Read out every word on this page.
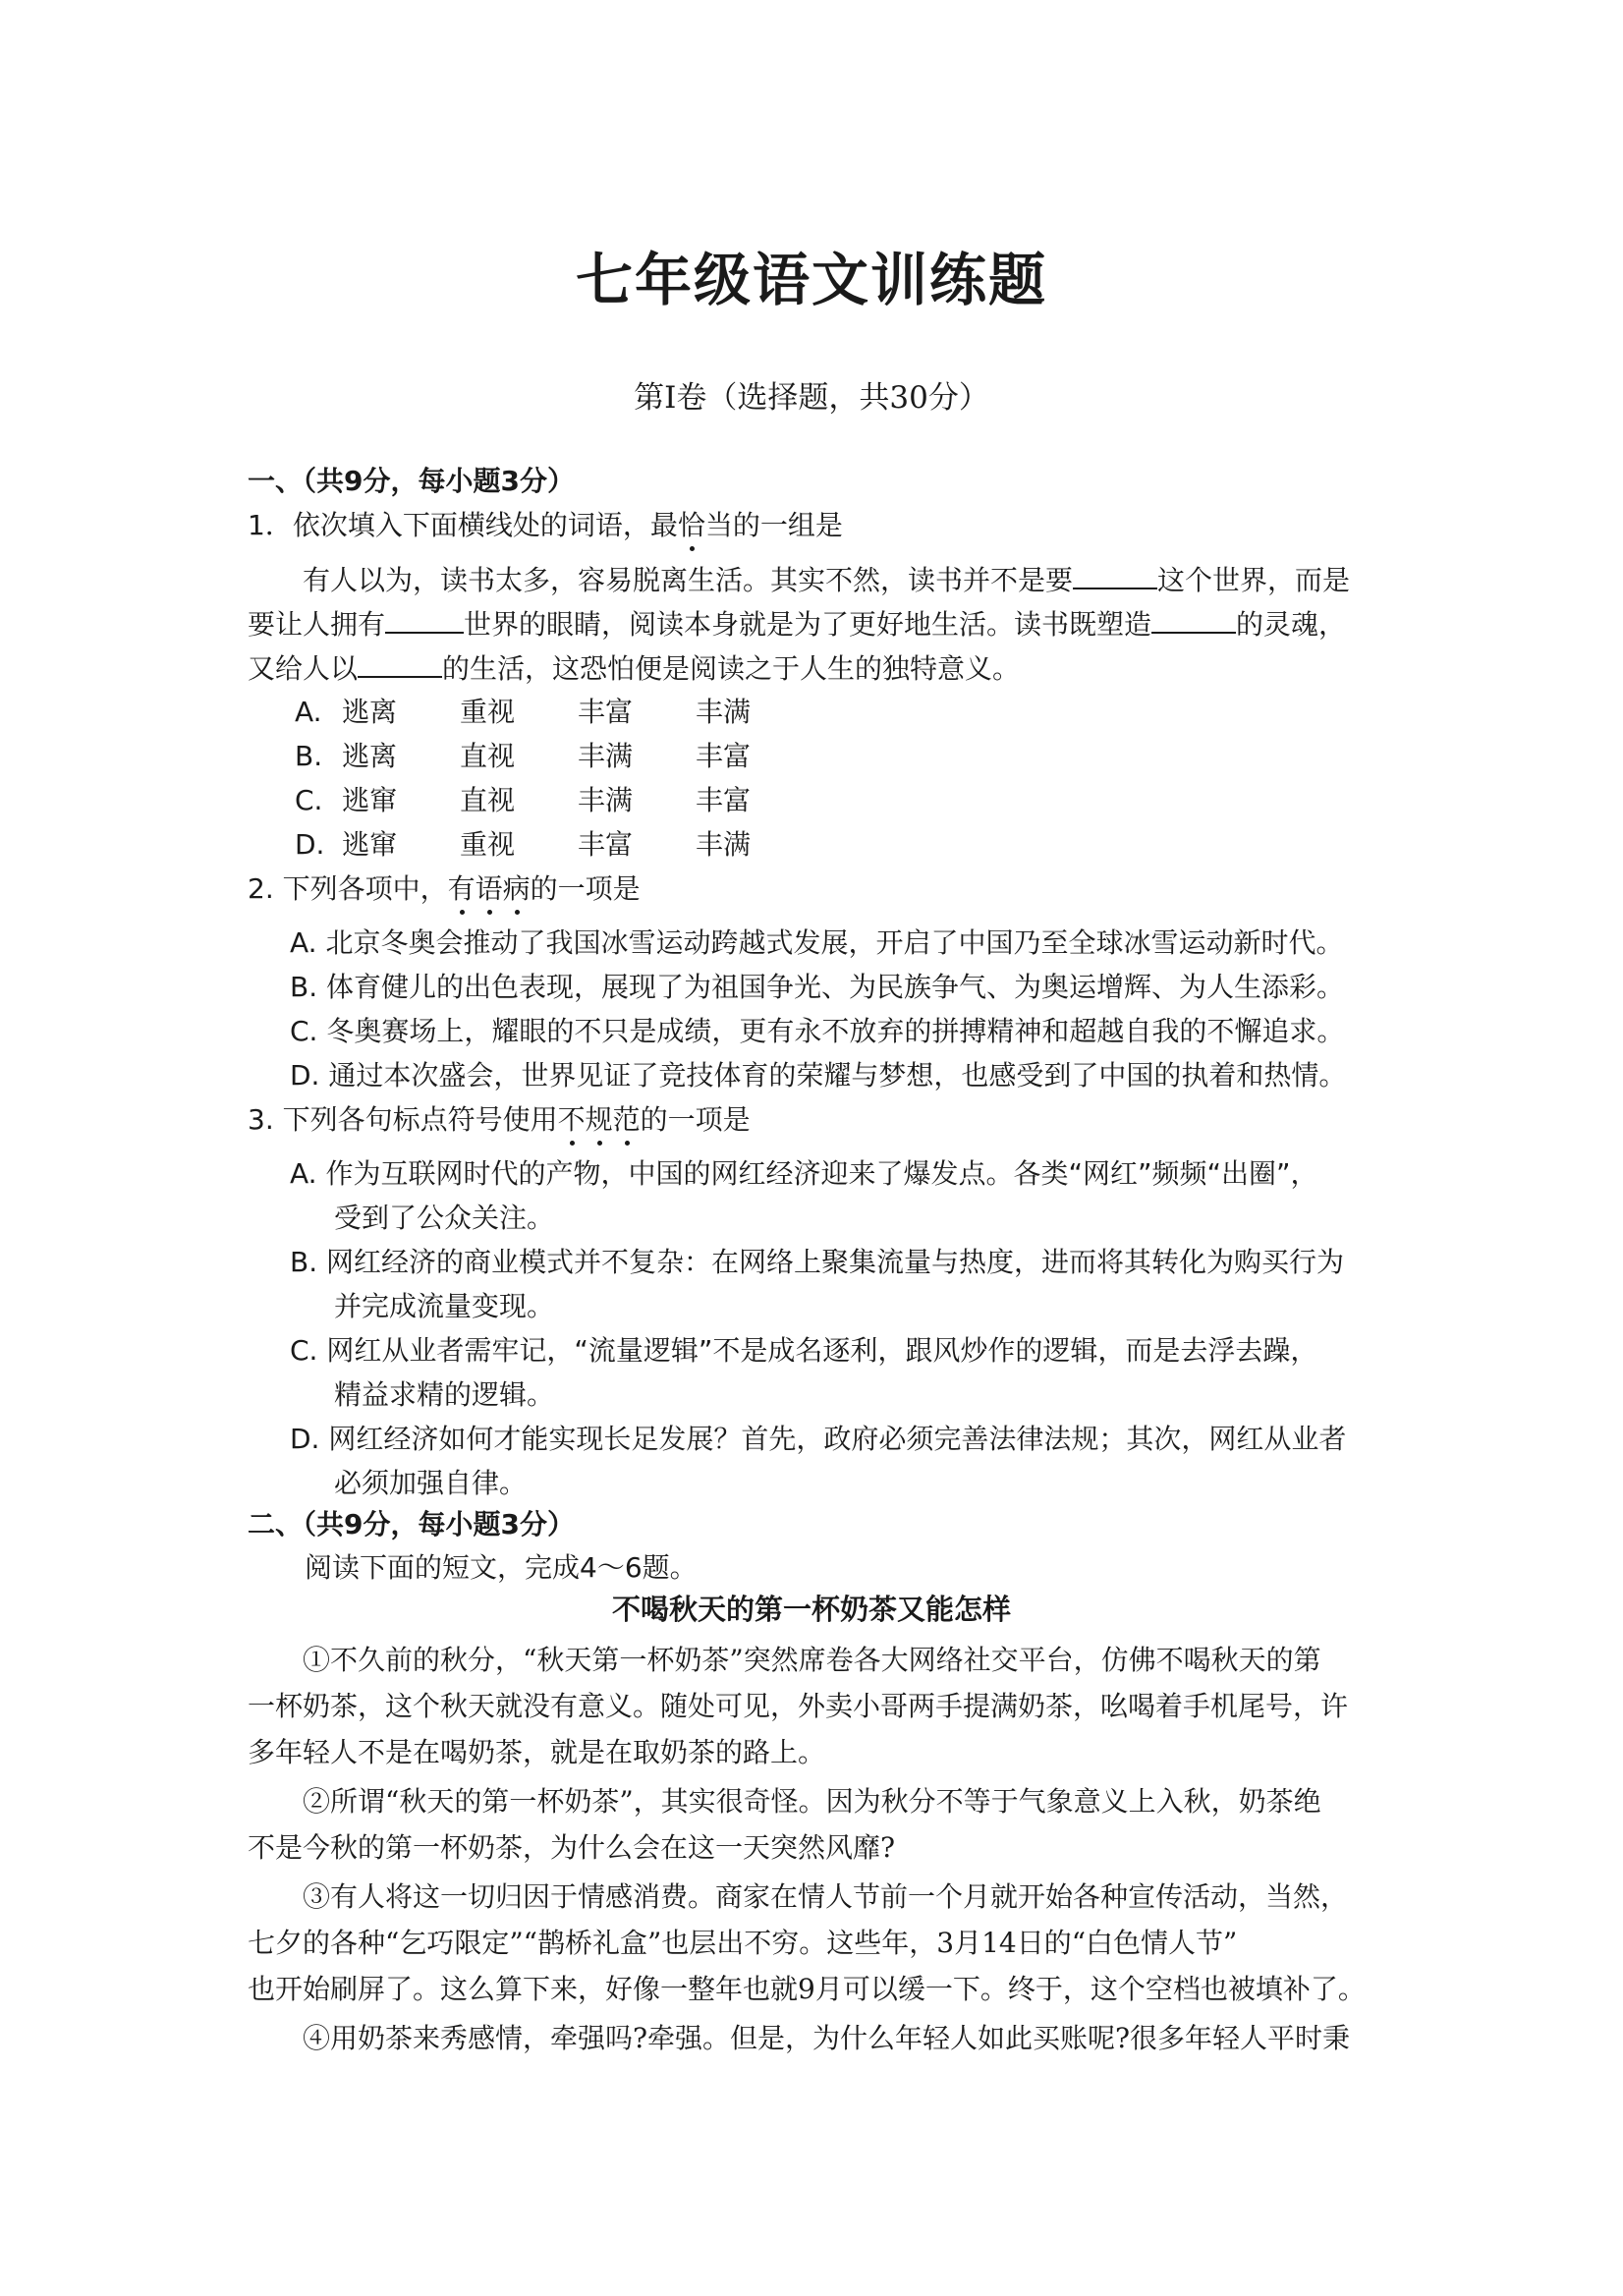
七年级语文训练题
第Ⅰ卷（选择题，共30分）
一、（共9分，每小题3分）
1．依次填入下面横线处的词语，最恰当的一组是
有人以为，读书太多，容易脱离生活。其实不然，读书并不是要	这个世界，而是
要让人拥有	世界的眼睛，阅读本身就是为了更好地生活。读书既塑造	的灵魂，
又给人以	的生活，这恐怕便是阅读之于人生的独特意义。
A. 逃离 重视 丰富 丰满
B. 逃离 直视 丰满 丰富
C. 逃窜 直视 丰满 丰富
D. 逃窜 重视 丰富 丰满
2. 下列各项中，有语病的一项是
A. 北京冬奥会推动了我国冰雪运动跨越式发展，开启了中国乃至全球冰雪运动新时代。
B. 体育健儿的出色表现，展现了为祖国争光、为民族争气、为奥运增辉、为人生添彩。
C. 冬奥赛场上，耀眼的不只是成绩，更有永不放弃的拼搏精神和超越自我的不懈追求。
D. 通过本次盛会，世界见证了竞技体育的荣耀与梦想，也感受到了中国的执着和热情。
3. 下列各句标点符号使用不规范的一项是
A. 作为互联网时代的产物，中国的网红经济迎来了爆发点。各类“网红”频频“出圈”，
受到了公众关注。
B. 网红经济的商业模式并不复杂：在网络上聚集流量与热度，进而将其转化为购买行为
并完成流量变现。
C. 网红从业者需牢记，“流量逻辑”不是成名逐利，跟风炒作的逻辑，而是去浮去躁，
精益求精的逻辑。
D. 网红经济如何才能实现长足发展？首先，政府必须完善法律法规；其次，网红从业者
必须加强自律。
二、（共9分，每小题3分）
阅读下面的短文，完成4～6题。
不喝秋天的第一杯奶茶又能怎样
①不久前的秋分，“秋天第一杯奶茶”突然席卷各大网络社交平台，仿佛不喝秋天的第
一杯奶茶，这个秋天就没有意义。随处可见，外卖小哥两手提满奶茶，吆喝着手机尾号，许
多年轻人不是在喝奶茶，就是在取奶茶的路上。
②所谓“秋天的第一杯奶茶”，其实很奇怪。因为秋分不等于气象意义上入秋，奶茶绝
不是今秋的第一杯奶茶，为什么会在这一天突然风靡?
③有人将这一切归因于情感消费。商家在情人节前一个月就开始各种宣传活动，当然，
七夕的各种“乞巧限定”“鹊桥礼盒”也层出不穷。这些年，3月14日的“白色情人节”
也开始刷屏了。这么算下来，好像一整年也就9月可以缓一下。终于，这个空档也被填补了。
④用奶茶来秀感情，牵强吗?牵强。但是，为什么年轻人如此买账呢?很多年轻人平时秉
